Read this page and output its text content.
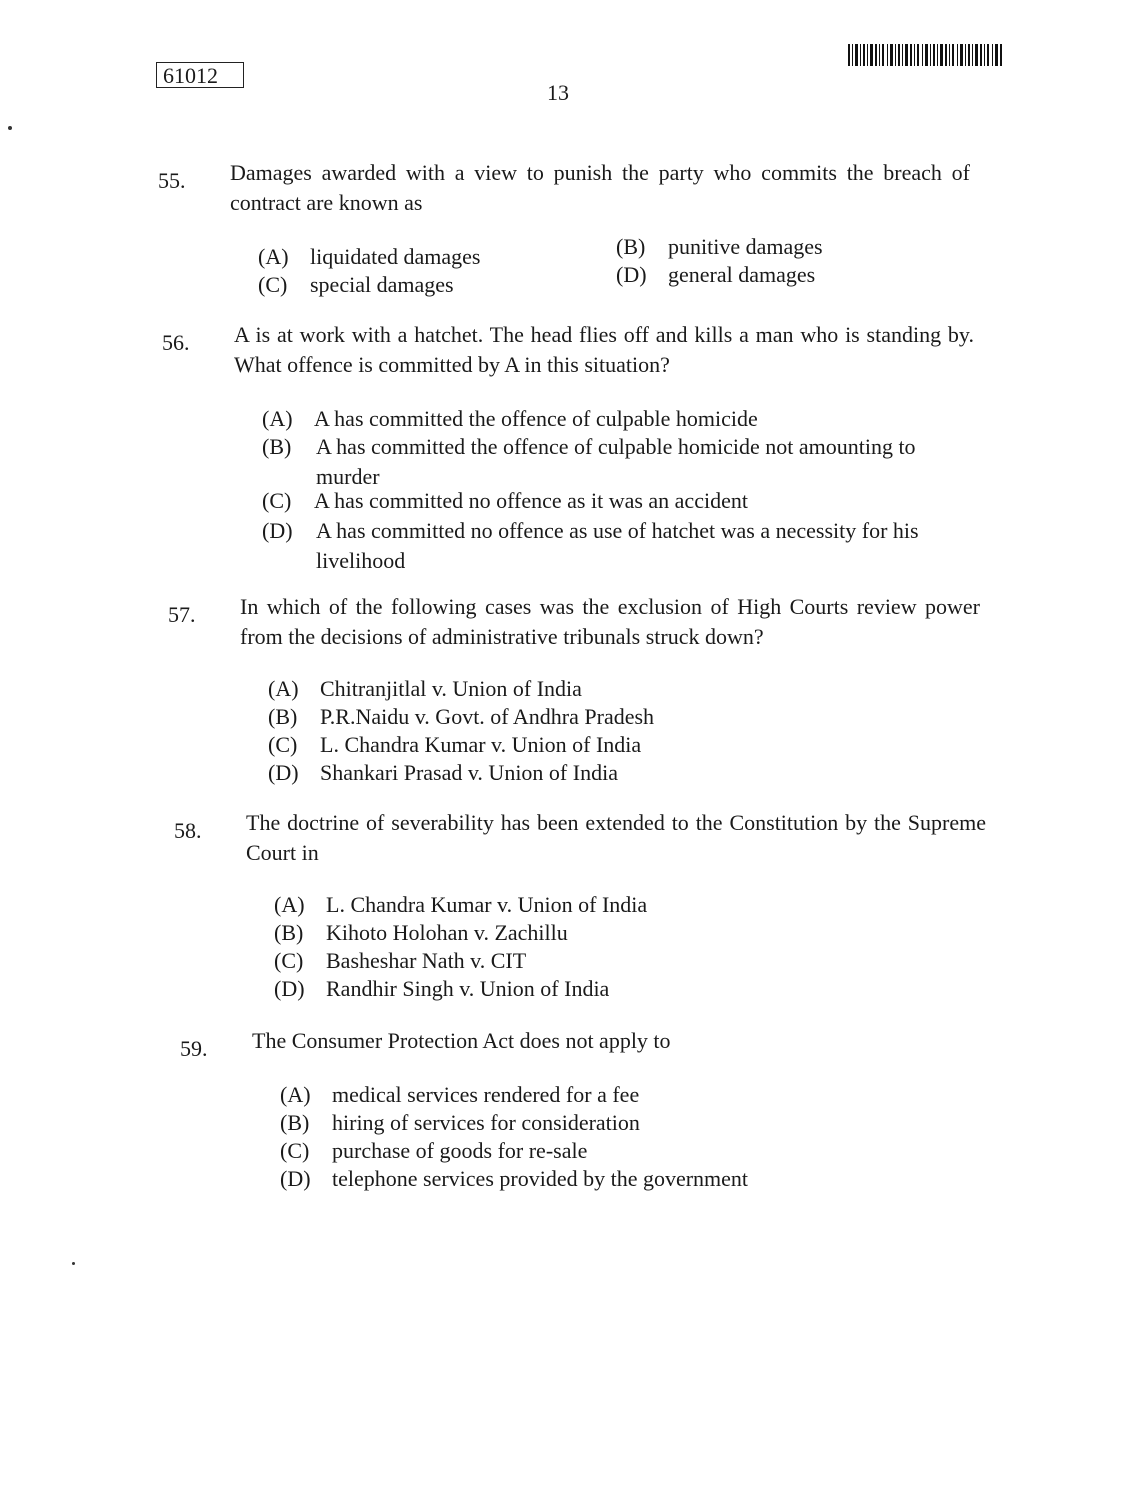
61012
13
55.	Damages awarded with a view to punish the party who commits the breach of contract are known as
(A) liquidated damages	(B) punitive damages
(C) special damages	(D) general damages
56.	A is at work with a hatchet. The head flies off and kills a man who is standing by. What offence is committed by A in this situation?
(A) A has committed the offence of culpable homicide
(B) A has committed the offence of culpable homicide not amounting to murder
(C) A has committed no offence as it was an accident
(D) A has committed no offence as use of hatchet was a necessity for his livelihood
57.	In which of the following cases was the exclusion of High Courts review power from the decisions of administrative tribunals struck down?
(A) Chitranjitlal v. Union of India
(B) P.R.Naidu v. Govt. of Andhra Pradesh
(C) L. Chandra Kumar v. Union of India
(D) Shankari Prasad v. Union of India
58.	The doctrine of severability has been extended to the Constitution by the Supreme Court in
(A) L. Chandra Kumar v. Union of India
(B) Kihoto Holohan v. Zachillu
(C) Basheshar Nath v. CIT
(D) Randhir Singh v. Union of India
59.	The Consumer Protection Act does not apply to
(A) medical services rendered for a fee
(B) hiring of services for consideration
(C) purchase of goods for re-sale
(D) telephone services provided by the government
